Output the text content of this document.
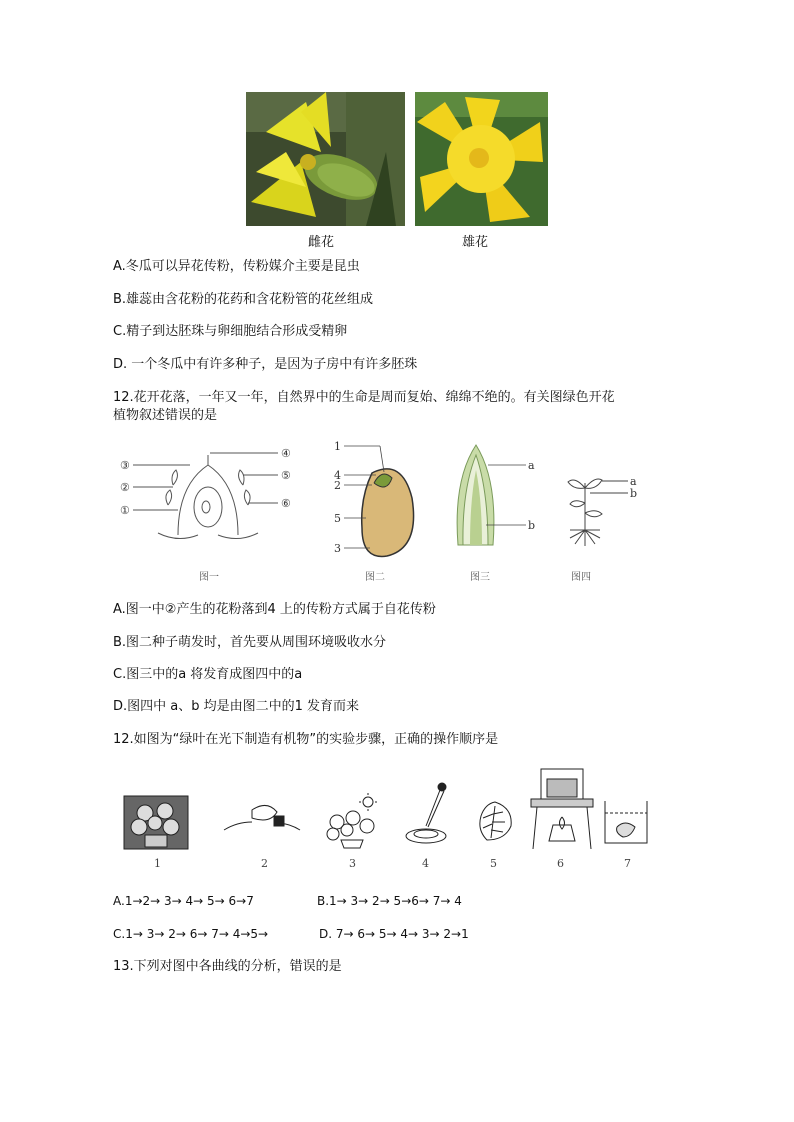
雌花	雄花
A.冬瓜可以异花传粉，传粉媒介主要是昆虫
B.雄蕊由含花粉的花药和含花粉管的花丝组成
C.精子到达胚珠与卵细胞结合形成受精卵
D. 一个冬瓜中有许多种子，是因为子房中有许多胚珠
12.花开花落，一年又一年，自然界中的生命是周而复始、绵绵不绝的。有关图绿色开花
植物叙述错误的是
③
②
①
④
⑤
⑥
1
4
2
5
3
a
b
a
b
图一	图二	图三	图四
A.图一中②产生的花粉落到4 上的传粉方式属于自花传粉
B.图二种子萌发时，首先要从周围环境吸收水分
C.图三中的a 将发育成图四中的a
D.图四中 a、b 均是由图二中的1 发育而来
12.如图为“绿叶在光下制造有机物”的实验步骤，正确的操作顺序是
1	2	3	4	5	6	7
A.1→2→ 3→ 4→ 5→ 6→7	B.1→ 3→ 2→ 5→6→ 7→ 4
C.1→ 3→ 2→ 6→ 7→ 4→5→	D. 7→ 6→ 5→ 4→ 3→ 2→1
13.下列对图中各曲线的分析，错误的是
